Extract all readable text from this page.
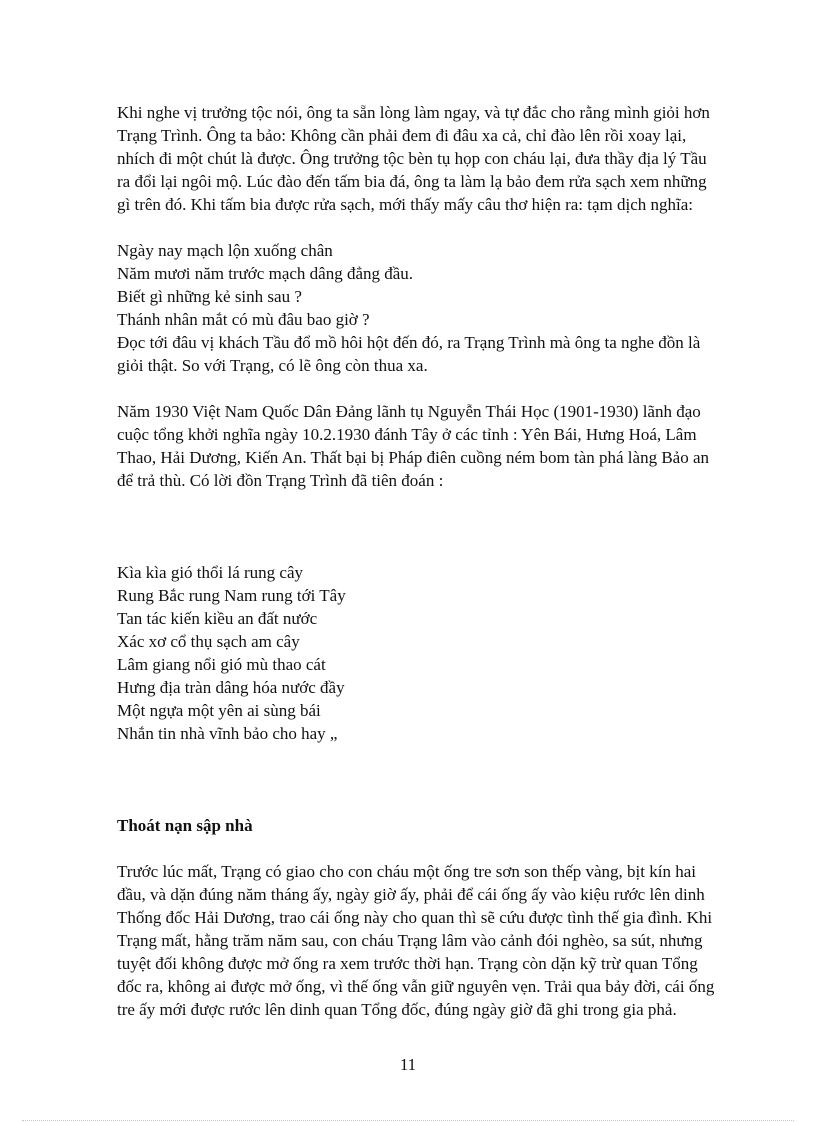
Khi nghe vị trưởng tộc nói, ông ta sẵn lòng làm ngay, và tự đắc cho rằng mình giỏi hơn
Trạng Trình. Ông ta bảo: Không cần phải đem đi đâu xa cả, chỉ đào lên rồi xoay lại,
nhích đi một chút là được. Ông trưởng tộc bèn tụ họp con cháu lại, đưa thầy địa lý Tầu
ra đổi lại ngôi mộ. Lúc đào đến tấm bia đá, ông ta làm lạ bảo đem rửa sạch xem những
gì trên đó. Khi tấm bia được rửa sạch, mới thấy mấy câu thơ hiện ra: tạm dịch nghĩa:

Ngày nay mạch lộn xuống chân
Năm mươi năm trước mạch dâng đẳng đầu.
Biết gì những kẻ sinh sau ?
Thánh nhân mắt có mù đâu bao giờ ?

Đọc tới đâu vị khách Tầu đổ mồ hôi hột đến đó, ra Trạng Trình mà ông ta nghe đồn là
giỏi thật. So với Trạng, có lẽ ông còn thua xa.

Năm 1930 Việt Nam Quốc Dân Đảng lãnh tụ Nguyễn Thái Học (1901-1930) lãnh đạo
cuộc tổng khởi nghĩa ngày 10.2.1930 đánh Tây ở các tỉnh : Yên Bái, Hưng Hoá, Lâm
Thao, Hải Dương, Kiến An. Thất bại bị Pháp điên cuồng ném bom tàn phá làng Bảo an
để trả thù. Có lời đồn Trạng Trình đã tiên đoán :

Kìa kìa gió thổi lá rung cây
Rung Bắc rung Nam rung tới Tây
Tan tác kiến kiều an đất nước
Xác xơ cổ thụ sạch am cây
Lâm giang nổi gió mù thao cát
Hưng địa tràn dâng hóa nước đầy
Một ngựa một yên ai sùng bái
Nhắn tin nhà vĩnh bảo cho hay „

Thoát nạn sập nhà

Trước lúc mất, Trạng có giao cho con cháu một ống tre sơn son thếp vàng, bịt kín hai
đầu, và dặn đúng năm tháng ấy, ngày giờ ấy, phải để cái ống ấy vào kiệu rước lên dinh
Thống đốc Hải Dương, trao cái ống này cho quan thì sẽ cứu được tình thế gia đình. Khi
Trạng mất, hằng trăm năm sau, con cháu Trạng lâm vào cảnh đói nghèo, sa sút, nhưng
tuyệt đối không được mở ống ra xem trước thời hạn. Trạng còn dặn kỹ trừ quan Tổng
đốc ra, không ai được mở ống, vì thế ống vẫn giữ nguyên vẹn. Trải qua bảy đời, cái ống
tre ấy mới được rước lên dinh quan Tổng đốc, đúng ngày giờ đã ghi trong gia phả.

11
